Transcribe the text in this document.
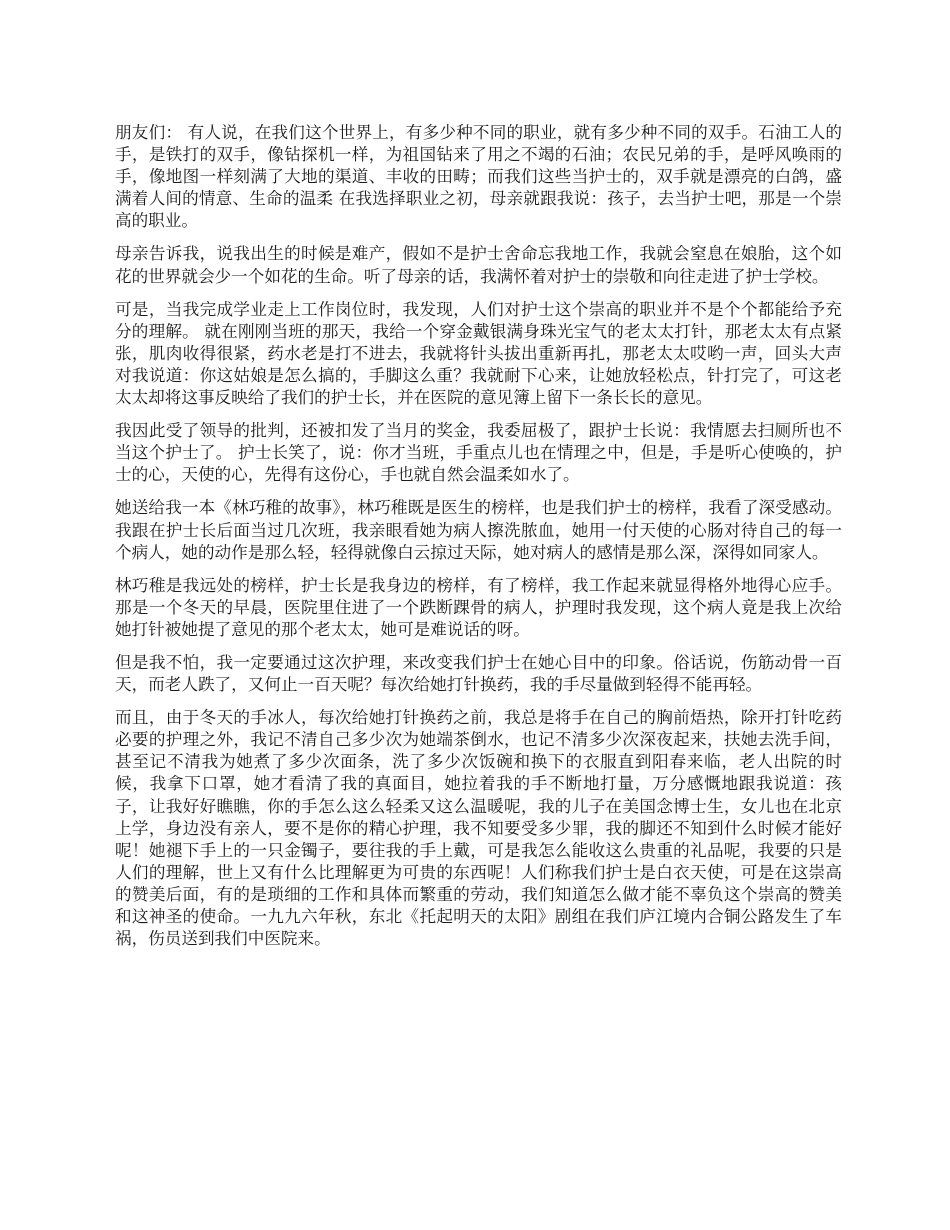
朋友们： 有人说，在我们这个世界上，有多少种不同的职业，就有多少种不同的双手。石油工人的手，是铁打的双手，像钻探机一样，为祖国钻来了用之不竭的石油；农民兄弟的手，是呼风唤雨的手，像地图一样刻满了大地的渠道、丰收的田畴；而我们这些当护士的，双手就是漂亮的白鸽，盛满着人间的情意、生命的温柔 在我选择职业之初，母亲就跟我说：孩子，去当护士吧，那是一个崇高的职业。

母亲告诉我，说我出生的时候是难产，假如不是护士舍命忘我地工作，我就会窒息在娘胎，这个如花的世界就会少一个如花的生命。听了母亲的话，我满怀着对护士的崇敬和向往走进了护士学校。

可是，当我完成学业走上工作岗位时，我发现，人们对护士这个崇高的职业并不是个个都能给予充分的理解。 就在刚刚当班的那天，我给一个穿金戴银满身珠光宝气的老太太打针，那老太太有点紧张，肌肉收得很紧，药水老是打不进去，我就将针头拔出重新再扎，那老太太哎哟一声，回头大声对我说道：你这姑娘是怎么搞的，手脚这么重？我就耐下心来，让她放轻松点，针打完了，可这老太太却将这事反映给了我们的护士长，并在医院的意见簿上留下一条长长的意见。

我因此受了领导的批判，还被扣发了当月的奖金，我委屈极了，跟护士长说：我情愿去扫厕所也不当这个护士了。 护士长笑了，说：你才当班，手重点儿也在情理之中，但是，手是听心使唤的，护士的心，天使的心，先得有这份心，手也就自然会温柔如水了。

她送给我一本《林巧稚的故事》，林巧稚既是医生的榜样，也是我们护士的榜样，我看了深受感动。我跟在护士长后面当过几次班，我亲眼看她为病人擦洗脓血，她用一付天使的心肠对待自己的每一个病人，她的动作是那么轻，轻得就像白云掠过天际，她对病人的感情是那么深，深得如同家人。

林巧稚是我远处的榜样，护士长是我身边的榜样，有了榜样，我工作起来就显得格外地得心应手。那是一个冬天的早晨，医院里住进了一个跌断踝骨的病人，护理时我发现，这个病人竟是我上次给她打针被她提了意见的那个老太太，她可是难说话的呀。

但是我不怕，我一定要通过这次护理，来改变我们护士在她心目中的印象。俗话说，伤筋动骨一百天，而老人跌了，又何止一百天呢？每次给她打针换药，我的手尽量做到轻得不能再轻。

而且，由于冬天的手冰人，每次给她打针换药之前，我总是将手在自己的胸前焐热，除开打针吃药必要的护理之外，我记不清自己多少次为她端茶倒水，也记不清多少次深夜起来，扶她去洗手间，甚至记不清我为她煮了多少次面条，洗了多少次饭碗和换下的衣服直到阳春来临，老人出院的时候，我拿下口罩，她才看清了我的真面目，她拉着我的手不断地打量，万分感慨地跟我说道：孩子，让我好好瞧瞧，你的手怎么这么轻柔又这么温暖呢，我的儿子在美国念博士生，女儿也在北京上学，身边没有亲人，要不是你的精心护理，我不知要受多少罪，我的脚还不知到什么时候才能好呢！她褪下手上的一只金镯子，要往我的手上戴，可是我怎么能收这么贵重的礼品呢，我要的只是人们的理解，世上又有什么比理解更为可贵的东西呢！人们称我们护士是白衣天使，可是在这崇高的赞美后面，有的是琐细的工作和具体而繁重的劳动，我们知道怎么做才能不辜负这个崇高的赞美和这神圣的使命。一九九六年秋，东北《托起明天的太阳》剧组在我们庐江境内合铜公路发生了车祸，伤员送到我们中医院来。
